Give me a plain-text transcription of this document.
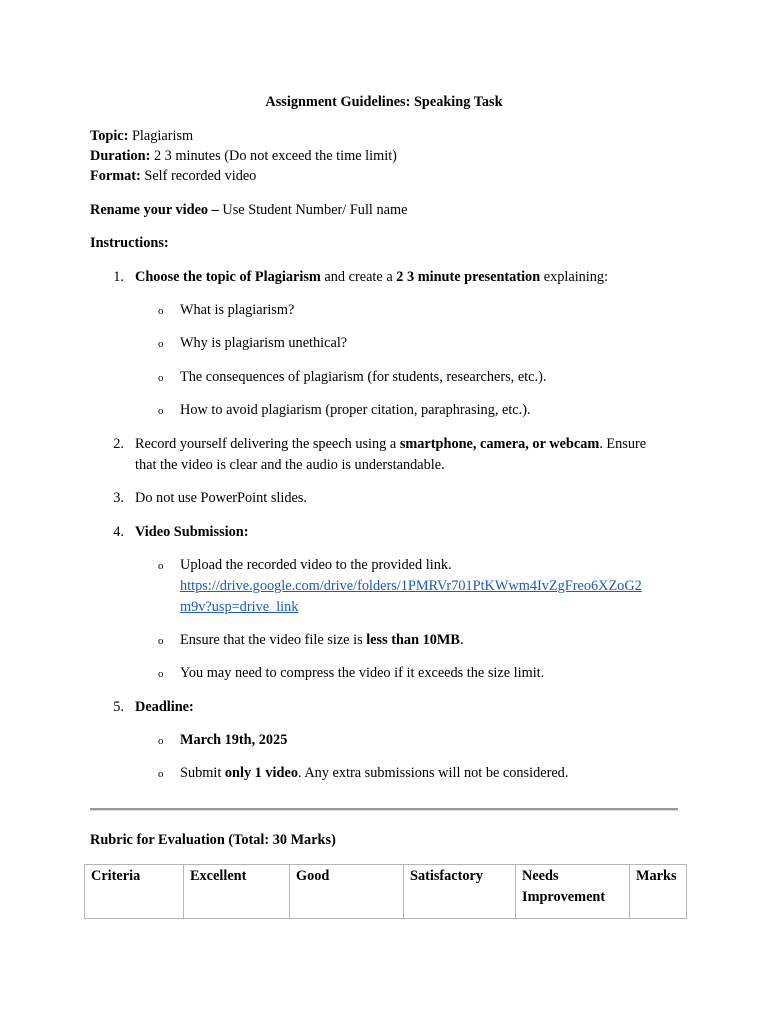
Assignment Guidelines: Speaking Task
Topic: Plagiarism
Duration: 2 3 minutes (Do not exceed the time limit)
Format: Self recorded video
Rename your video – Use Student Number/ Full name
Instructions:
1. Choose the topic of Plagiarism and create a 2 3 minute presentation explaining:
o What is plagiarism?
o Why is plagiarism unethical?
o The consequences of plagiarism (for students, researchers, etc.).
o How to avoid plagiarism (proper citation, paraphrasing, etc.).
2. Record yourself delivering the speech using a smartphone, camera, or webcam. Ensure
that the video is clear and the audio is understandable.
3. Do not use PowerPoint slides.
4. Video Submission:
o Upload the recorded video to the provided link.
https://drive.google.com/drive/folders/1PMRVr701PtKWwm4IvZgFreo6XZoG2
m9v?usp=drive_link
o Ensure that the video file size is less than 10MB.
o You may need to compress the video if it exceeds the size limit.
5. Deadline:
o March 19th, 2025
o Submit only 1 video. Any extra submissions will not be considered.
Rubric for Evaluation (Total: 30 Marks)
Criteria	Excellent	Good	Satisfactory	Needs Improvement	Marks
